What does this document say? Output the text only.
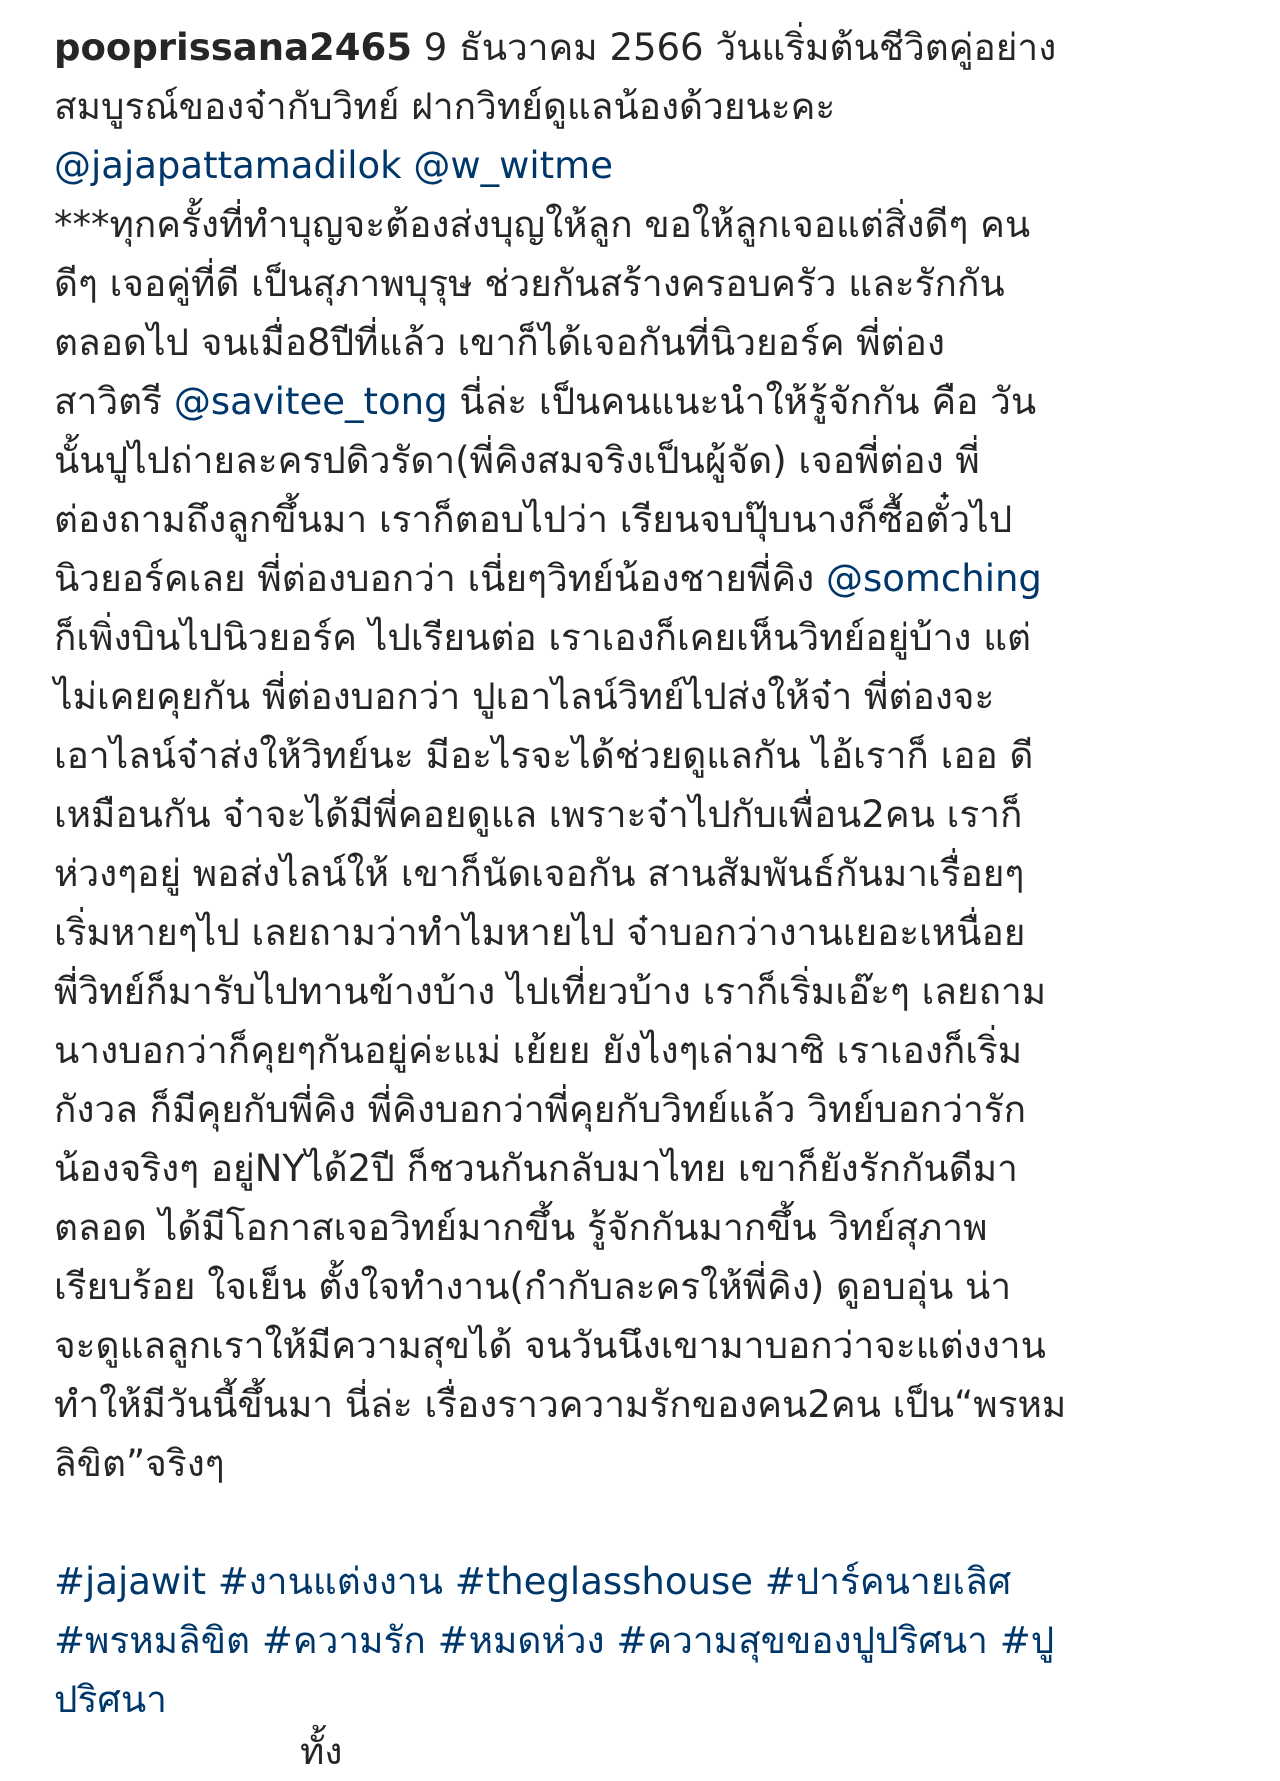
pooprissana2465 9 ธันวาคม 2566 วันแริ่มต้นชีวิตคู่อย่าง
สมบูรณ์ของจ๋ากับวิทย์ ฝากวิทย์ดูแลน้องด้วยนะคะ
@jajapattamadilok @w_witme
***ทุกครั้งที่ทำบุญจะต้องส่งบุญให้ลูก ขอให้ลูกเจอแต่สิ่งดีๆ คน
ดีๆ เจอคู่ที่ดี เป็นสุภาพบุรุษ ช่วยกันสร้างครอบครัว และรักกัน
ตลอดไป จนเมื่อ8ปีที่แล้ว เขาก็ได้เจอกันที่นิวยอร์ค พี่ต่อง
สาวิตรี @savitee_tong นี่ล่ะ เป็นคนแนะนำให้รู้จักกัน คือ วัน
นั้นปูไปถ่ายละครปดิวรัดา(พี่คิงสมจริงเป็นผู้จัด) เจอพี่ต่อง พี่
ต่องถามถึงลูกขึ้นมา เราก็ตอบไปว่า เรียนจบปุ๊บนางก็ซื้อตั๋วไป
นิวยอร์คเลย พี่ต่องบอกว่า เนี่ยๆวิทย์น้องชายพี่คิง @somching
ก็เพิ่งบินไปนิวยอร์ค ไปเรียนต่อ เราเองก็เคยเห็นวิทย์อยู่บ้าง แต่
ไม่เคยคุยกัน พี่ต่องบอกว่า ปูเอาไลน์วิทย์ไปส่งให้จ๋า พี่ต่องจะ
เอาไลน์จ๋าส่งให้วิทย์นะ มีอะไรจะได้ช่วยดูแลกัน ไอ้เราก็ เออ ดี
เหมือนกัน จ๋าจะได้มีพี่คอยดูแล เพราะจ๋าไปกับเพื่อน2คน เราก็
ห่วงๆอยู่ พอส่งไลน์ให้ เขาก็นัดเจอกัน สานสัมพันธ์กันมาเรื่อยๆ
เริ่มหายๆไป เลยถามว่าทำไมหายไป จ๋าบอกว่างานเยอะเหนื่อย
พี่วิทย์ก็มารับไปทานข้างบ้าง ไปเที่ยวบ้าง เราก็เริ่มเอ๊ะๆ เลยถาม
นางบอกว่าก็คุยๆกันอยู่ค่ะแม่ เย้ยย ยังไงๆเล่ามาซิ เราเองก็เริ่ม
กังวล ก็มีคุยกับพี่คิง พี่คิงบอกว่าพี่คุยกับวิทย์แล้ว วิทย์บอกว่ารัก
น้องจริงๆ อยู่NYได้2ปี ก็ชวนกันกลับมาไทย เขาก็ยังรักกันดีมา
ตลอด ได้มีโอกาสเจอวิทย์มากขึ้น รู้จักกันมากขึ้น วิทย์สุภาพ
เรียบร้อย ใจเย็น ตั้งใจทำงาน(กำกับละครให้พี่คิง) ดูอบอุ่น น่า
จะดูแลลูกเราให้มีความสุขได้ จนวันนึงเขามาบอกว่าจะแต่งงาน
ทำให้มีวันนี้ขึ้นมา นี่ล่ะ เรื่องราวความรักของคน2คน เป็น“พรหม
ลิขิต”จริงๆ
#jajawit #งานแต่งงาน #theglasshouse #ปาร์คนายเลิศ
#พรหมลิขิต #ความรัก #หมดห่วง #ความสุขของปูปริศนา #ปู
ปริศนา
ทั้ง
